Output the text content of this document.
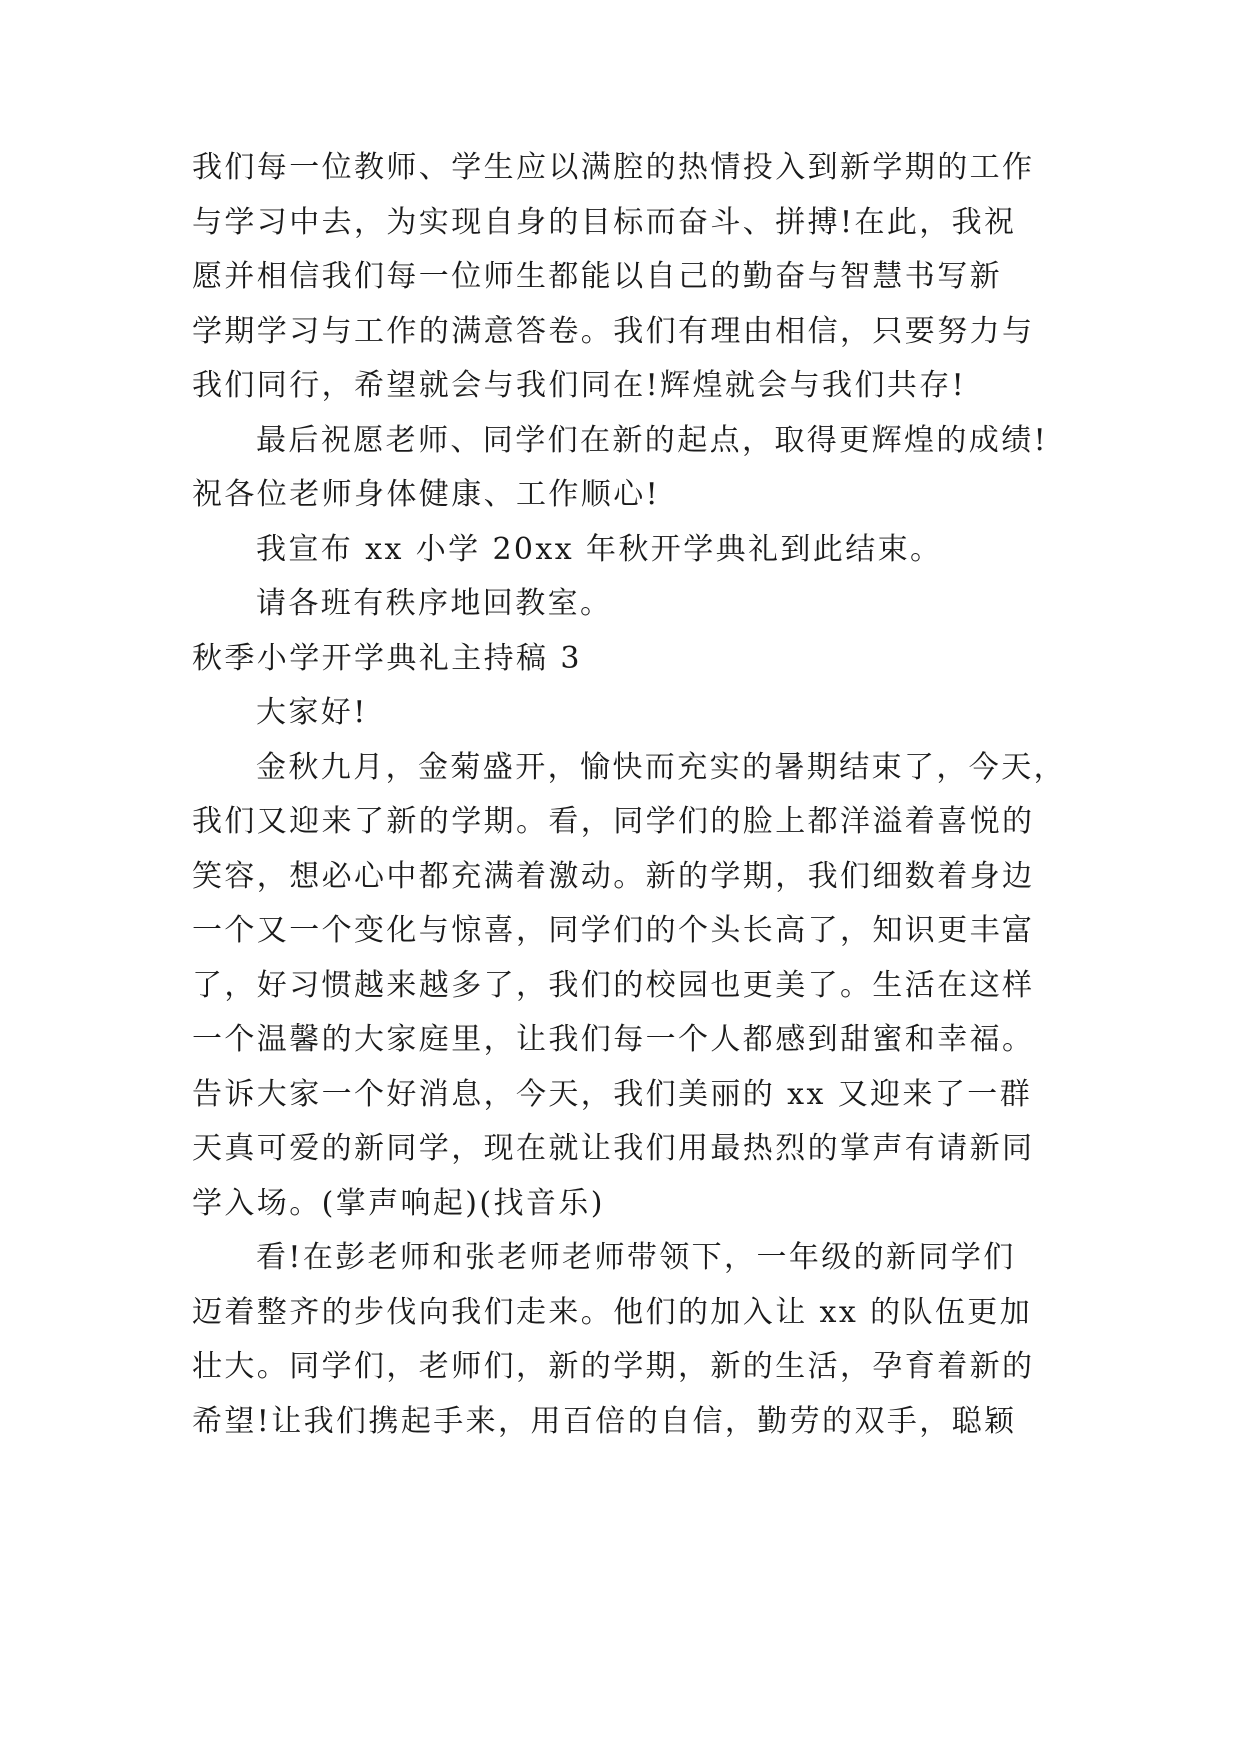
我们每一位教师、学生应以满腔的热情投入到新学期的工作
与学习中去，为实现自身的目标而奋斗、拼搏!在此，我祝
愿并相信我们每一位师生都能以自己的勤奋与智慧书写新
学期学习与工作的满意答卷。我们有理由相信，只要努力与
我们同行，希望就会与我们同在!辉煌就会与我们共存!
最后祝愿老师、同学们在新的起点，取得更辉煌的成绩!
祝各位老师身体健康、工作顺心!
我宣布 xx 小学 20xx 年秋开学典礼到此结束。
请各班有秩序地回教室。
秋季小学开学典礼主持稿 3
大家好!
金秋九月，金菊盛开，愉快而充实的暑期结束了，今天，
我们又迎来了新的学期。看，同学们的脸上都洋溢着喜悦的
笑容，想必心中都充满着激动。新的学期，我们细数着身边
一个又一个变化与惊喜，同学们的个头长高了，知识更丰富
了，好习惯越来越多了，我们的校园也更美了。生活在这样
一个温馨的大家庭里，让我们每一个人都感到甜蜜和幸福。
告诉大家一个好消息，今天，我们美丽的 xx 又迎来了一群
天真可爱的新同学，现在就让我们用最热烈的掌声有请新同
学入场。(掌声响起)(找音乐)
看!在彭老师和张老师老师带领下，一年级的新同学们
迈着整齐的步伐向我们走来。他们的加入让 xx 的队伍更加
壮大。同学们，老师们，新的学期，新的生活，孕育着新的
希望!让我们携起手来，用百倍的自信，勤劳的双手，聪颖
